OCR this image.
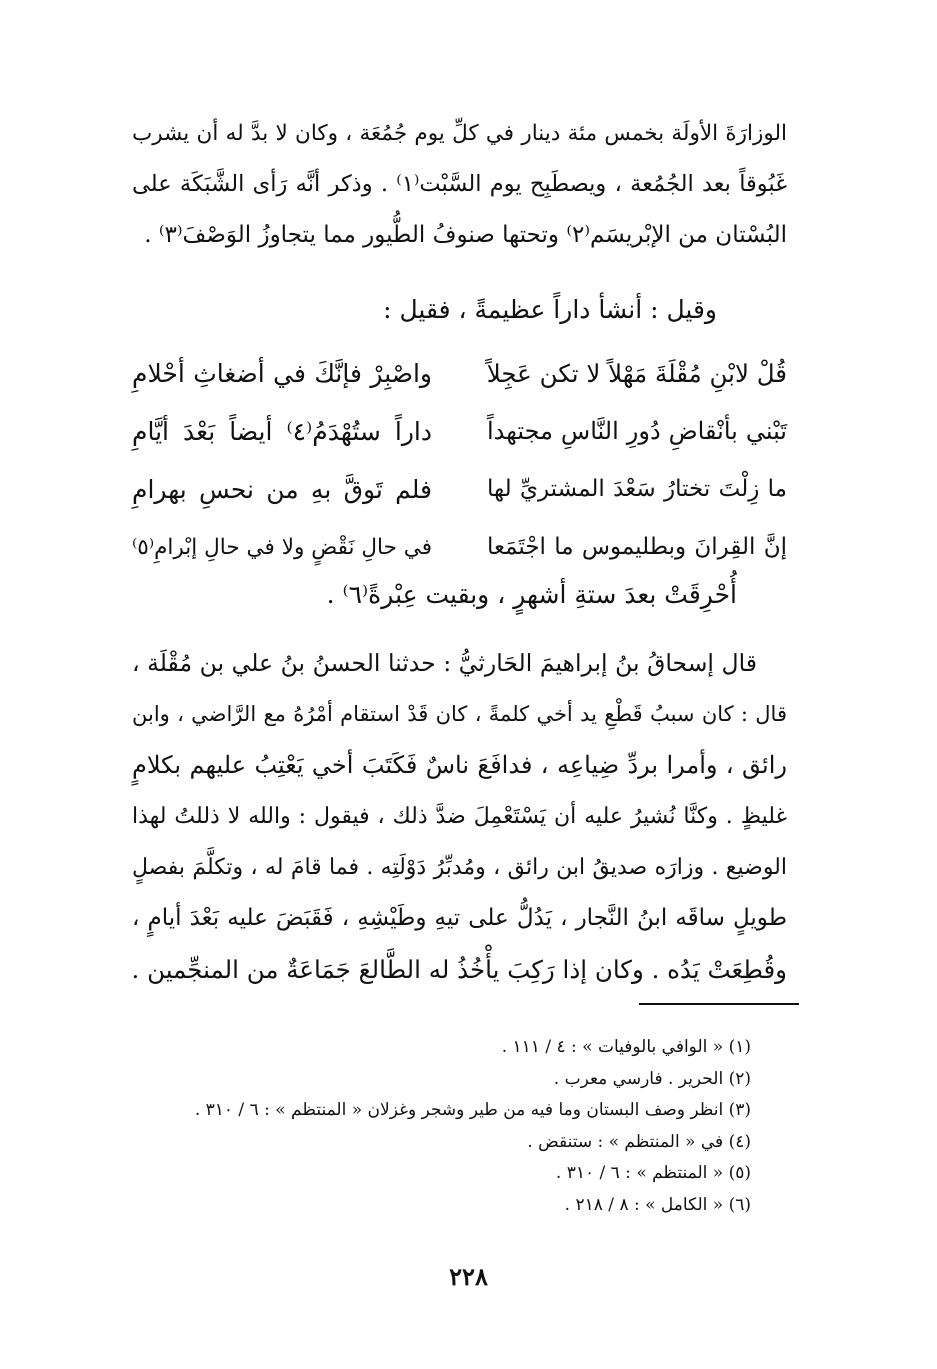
الوزارَةَ الأولَة بخمس مئة دينار في كلِّ يوم جُمُعَة ، وكان لا بدَّ له أن يشرب
غَبُوقاً بعد الجُمُعة ، ويصطَبِح يوم السَّبْت⁽١⁾ . وذكر أنَّه رَأى الشَّبَكَة على
البُسْتان من الإبْريسَم⁽٢⁾ وتحتها صنوفُ الطُّيور مما يتجاوزُ الوَصْفَ⁽٣⁾ .
وقيل : أنشأ داراً عظيمةً ، فقيل :
قُلْ لابْنِ مُقْلَةَ مَهْلاً لا تكن عَجِلاً
واصْبِرْ فإنَّكَ في أضغاثِ أحْلامِ
تَبْني بأنْقاضِ دُورِ النَّاسِ مجتهداً
داراً ستُهْدَمُ⁽٤⁾ أيضاً بَعْدَ أيَّامِ
ما زِلْتَ تختارُ سَعْدَ المشتريِّ لها
فلم تَوقَّ بهِ من نحسِ بهرامِ
إنَّ القِرانَ وبطليموس ما اجْتَمَعا
في حالِ نَقْضٍ ولا في حالِ إبْرامِ⁽٥⁾
أُحْرِقَتْ بعدَ ستةِ أشهرٍ ، وبقيت عِبْرةً⁽٦⁾ .
قال إسحاقُ بنُ إبراهيمَ الحَارثيُّ : حدثنا الحسنُ بنُ علي بن مُقْلَة ،
قال : كان سببُ قَطْعِ يد أخي كلمةً ، كان قَدْ استقام أمْرُهُ مع الرَّاضي ، وابن
رائق ، وأمرا بردِّ ضِياعِه ، فدافَعَ ناسٌ فَكَتَبَ أخي يَعْتِبُ عليهم بكلامٍ
غليظٍ . وكنَّا نُشيرُ عليه أن يَسْتَعْمِلَ ضدَّ ذلك ، فيقول : والله لا ذللتُ لهذا
الوضيع . وزارَه صديقُ ابن رائق ، ومُدبِّرُ دَوْلَتِه . فما قامَ له ، وتكلَّمَ بفصلٍ
طويلٍ ساقَه ابنُ النَّجار ، يَدُلُّ على تيهِ وطَيْشِهِ ، فَقَبَضَ عليه بَعْدَ أيامٍ ،
وقُطِعَتْ يَدُه . وكان إذا رَكِبَ يأْخُذُ له الطَّالعَ جَمَاعَةٌ من المنجِّمين .
(١) « الوافي بالوفيات » : ٤ / ١١١ .
(٢) الحرير . فارسي معرب .
(٣) انظر وصف البستان وما فيه من طير وشجر وغزلان « المنتظم » : ٦ / ٣١٠ .
(٤) في « المنتظم » : ستنقض .
(٥) « المنتظم » : ٦ / ٣١٠ .
(٦) « الكامل » : ٨ / ٢١٨ .
٢٢٨
